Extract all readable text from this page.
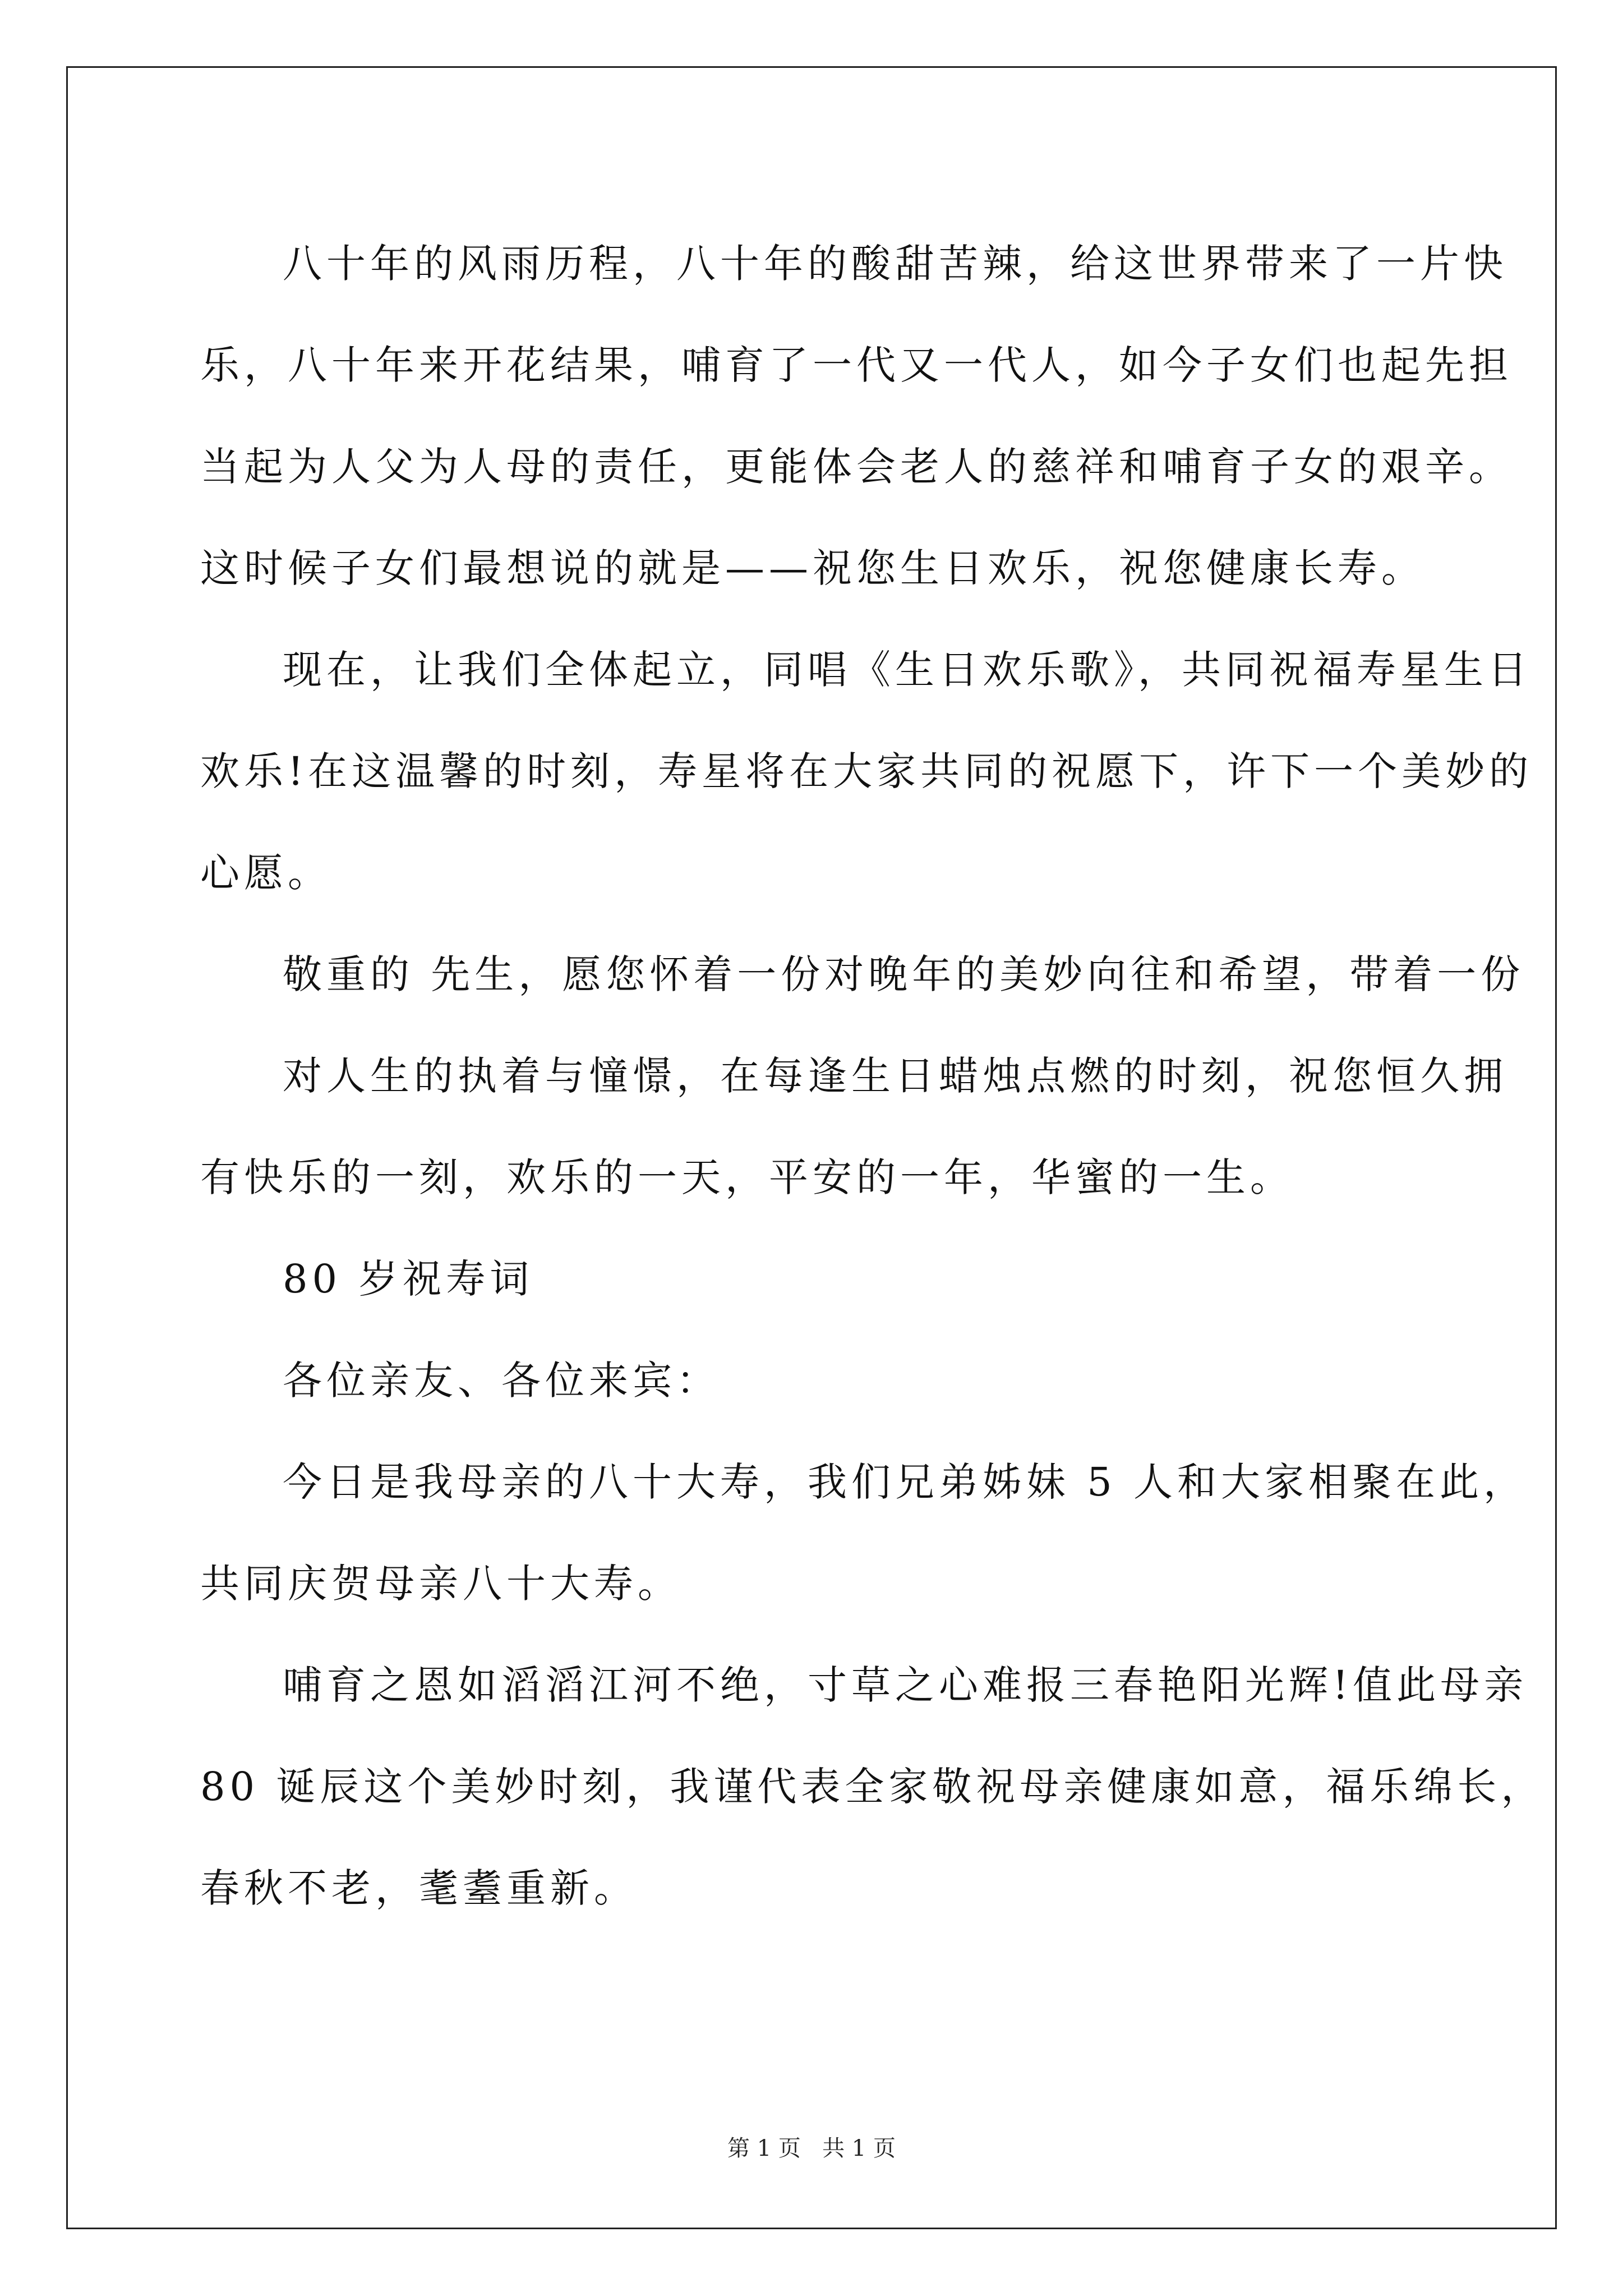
八十年的风雨历程，八十年的酸甜苦辣，给这世界带来了一片快
乐，八十年来开花结果，哺育了一代又一代人，如今子女们也起先担
当起为人父为人母的责任，更能体会老人的慈祥和哺育子女的艰辛。
这时候子女们最想说的就是——祝您生日欢乐，祝您健康长寿。
现在，让我们全体起立，同唱《生日欢乐歌》，共同祝福寿星生日
欢乐!在这温馨的时刻，寿星将在大家共同的祝愿下，许下一个美妙的
心愿。
敬重的 先生，愿您怀着一份对晚年的美妙向往和希望，带着一份
对人生的执着与憧憬，在每逢生日蜡烛点燃的时刻，祝您恒久拥
有快乐的一刻，欢乐的一天，平安的一年，华蜜的一生。
80 岁祝寿词
各位亲友、各位来宾：
今日是我母亲的八十大寿，我们兄弟姊妹 5 人和大家相聚在此，
共同庆贺母亲八十大寿。
哺育之恩如滔滔江河不绝，寸草之心难报三春艳阳光辉!值此母亲
80 诞辰这个美妙时刻，我谨代表全家敬祝母亲健康如意，福乐绵长，
春秋不老，耄耋重新。
第 1 页   共 1 页
